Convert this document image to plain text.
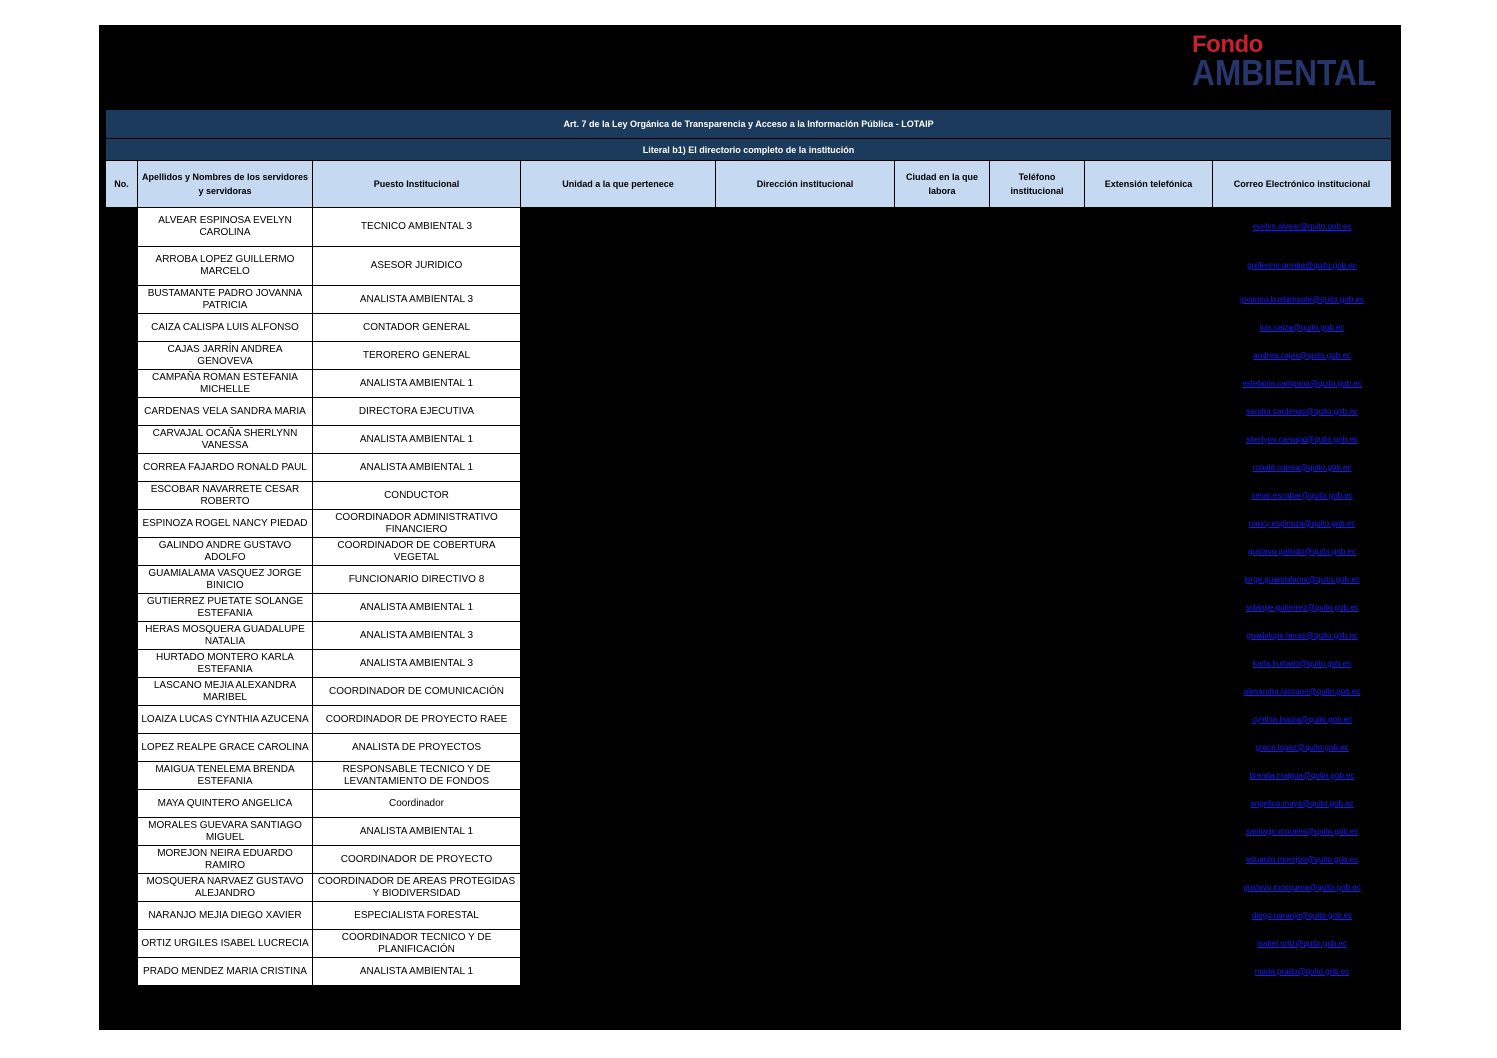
Fondo
AMBIENTAL
Art. 7 de la Ley Orgánica de Transparencia y Acceso a la Información Pública - LOTAIP								
Literal b1) El directorio completo de la institución								
No.	Apellidos y Nombres de los servidores y servidoras	Puesto Institucional	Unidad a la que pertenece	Dirección institucional	Ciudad en la que labora	Teléfono institucional	Extensión telefónica	Correo Electrónico institucional
	ALVEAR ESPINOSA EVELYN CAROLINA	TECNICO AMBIENTAL 3						evelyn.alvear@quito.gob.ec
	ARROBA LOPEZ GUILLERMO MARCELO	ASESOR JURIDICO						guillermo.arroba@quito.gob.ec
	BUSTAMANTE PADRO JOVANNA PATRICIA	ANALISTA AMBIENTAL 3						jovanna.bustamante@quito.gob.ec
	CAIZA CALISPA LUIS ALFONSO	CONTADOR GENERAL						luis.caiza@quito.gob.ec
	CAJAS JARRÍN ANDREA GENOVEVA	TERORERO GENERAL						andrea.cajas@quito.gob.ec
	CAMPAÑA ROMAN ESTEFANIA MICHELLE	ANALISTA AMBIENTAL 1						estefania.campana@quito.gob.ec
	CARDENAS VELA SANDRA MARIA	DIRECTORA EJECUTIVA						sandra.cardenas@quito.gob.ec
	CARVAJAL OCAÑA SHERLYNN VANESSA	ANALISTA AMBIENTAL 1						sherlynn.carvajal@quito.gob.ec
	CORREA FAJARDO RONALD PAUL	ANALISTA AMBIENTAL 1						ronald.correa@quito.gob.ec
	ESCOBAR NAVARRETE CESAR ROBERTO	CONDUCTOR						cesar.escobar@quito.gob.ec
	ESPINOZA ROGEL NANCY PIEDAD	COORDINADOR ADMINISTRATIVO FINANCIERO						nancy.espinoza@quito.gob.ec
	GALINDO ANDRE GUSTAVO ADOLFO	COORDINADOR DE COBERTURA VEGETAL						gustavo.galindo@quito.gob.ec
	GUAMIALAMA VASQUEZ JORGE BINICIO	FUNCIONARIO DIRECTIVO 8						jorge.guamialama@quito.gob.ec
	GUTIERREZ PUETATE SOLANGE ESTEFANIA	ANALISTA AMBIENTAL 1						solange.gutierrez@quito.gob.ec
	HERAS MOSQUERA GUADALUPE NATALIA	ANALISTA AMBIENTAL 3						guadalupe.heras@quito.gob.ec
	HURTADO MONTERO KARLA ESTEFANIA	ANALISTA AMBIENTAL 3						karla.hurtado@quito.gob.ec
	LASCANO MEJIA ALEXANDRA MARIBEL	COORDINADOR DE COMUNICACIÓN						alexandra.lascano@quito.gob.ec
	LOAIZA LUCAS CYNTHIA AZUCENA	COORDINADOR DE PROYECTO RAEE						cynthia.loaiza@quito.gob.ec
	LOPEZ REALPE GRACE CAROLINA	ANALISTA DE PROYECTOS						grace.lopez@quito.gob.ec
	MAIGUA TENELEMA BRENDA ESTEFANIA	RESPONSABLE TECNICO Y DE LEVANTAMIENTO DE FONDOS						brenda.maigua@quito.gob.ec
	MAYA QUINTERO ANGELICA	Coordinador						angelica.maya@quito.gob.ec
	MORALES GUEVARA SANTIAGO MIGUEL	ANALISTA AMBIENTAL 1						santiago.morales@quito.gob.ec
	MOREJON NEIRA EDUARDO RAMIRO	COORDINADOR DE PROYECTO						eduardo.morejon@quito.gob.ec
	MOSQUERA NARVAEZ GUSTAVO ALEJANDRO	COORDINADOR DE AREAS PROTEGIDAS Y BIODIVERSIDAD						gustavo.mosquera@quito.gob.ec
	NARANJO MEJIA DIEGO XAVIER	ESPECIALISTA FORESTAL						diego.naranjo@quito.gob.ec
	ORTIZ URGILES ISABEL LUCRECIA	COORDINADOR TECNICO Y DE PLANIFICACIÓN						isabel.ortiz@quito.gob.ec
	PRADO MENDEZ MARIA CRISTINA	ANALISTA AMBIENTAL 1						maria.prado@quito.gob.ec
